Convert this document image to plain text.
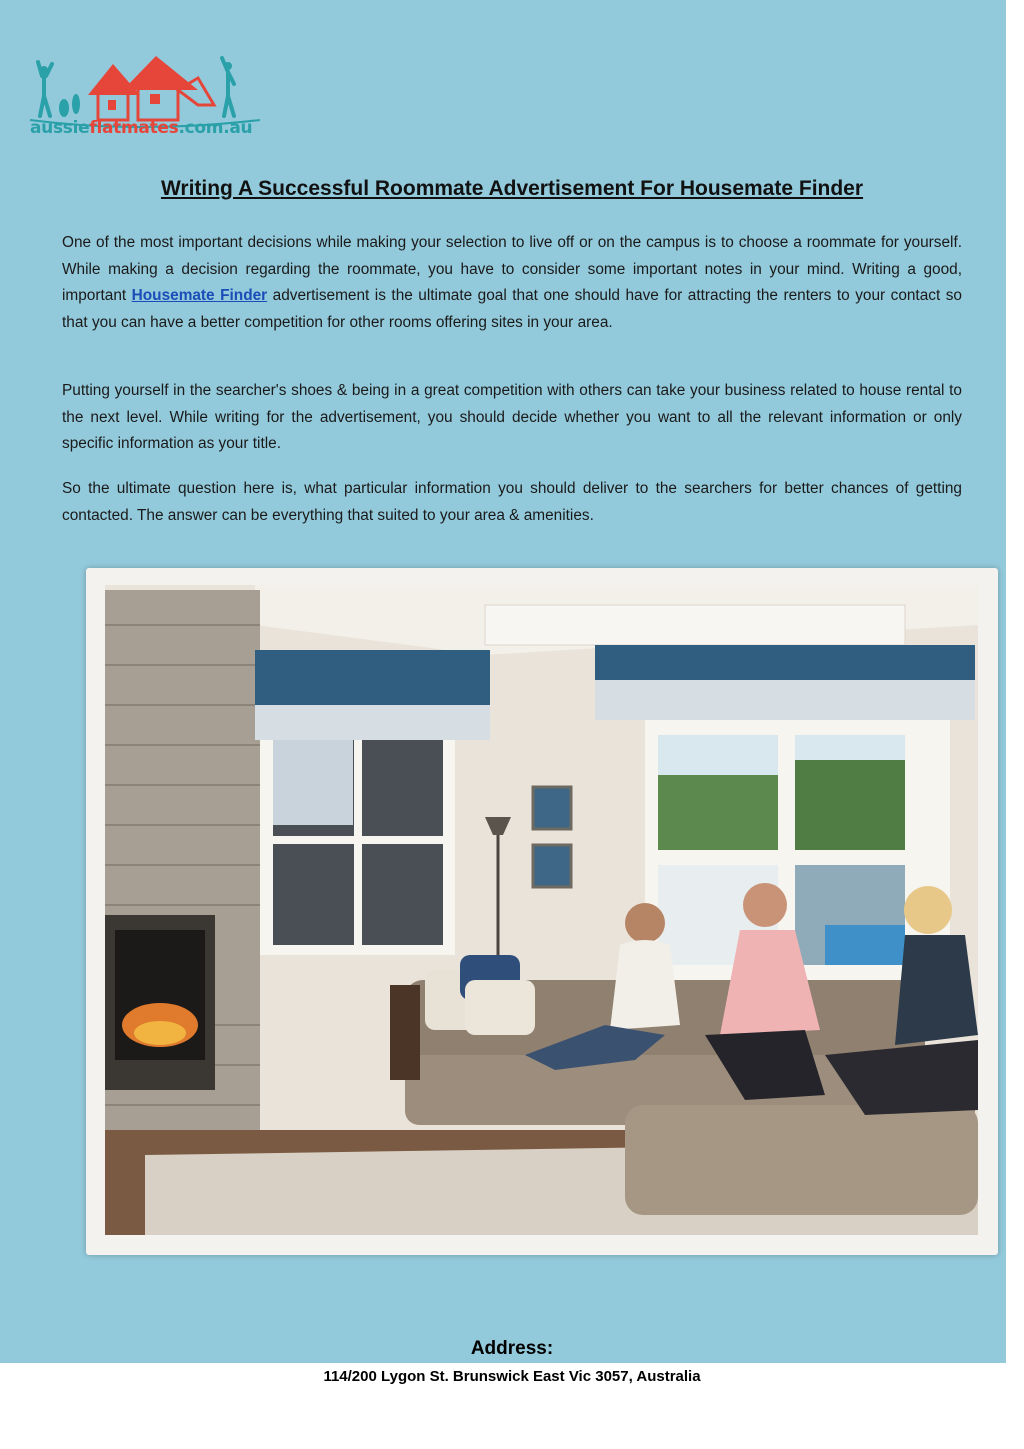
aussieflatmates.com.au
Writing A Successful Roommate Advertisement For Housemate Finder

One of the most important decisions while making your selection to live off or on the campus is to choose a roommate for yourself. While making a decision regarding the roommate, you have to consider some important notes in your mind. Writing a good, important Housemate Finder advertisement is the ultimate goal that one should have for attracting the renters to your contact so that you can have a better competition for other rooms offering sites in your area.

Putting yourself in the searcher's shoes & being in a great competition with others can take your business related to house rental to the next level. While writing for the advertisement, you should decide whether you want to all the relevant information or only specific information as your title.

So the ultimate question here is, what particular information you should deliver to the searchers for better chances of getting contacted. The answer can be everything that suited to your area & amenities.

Address:
114/200 Lygon St. Brunswick East Vic 3057, Australia
